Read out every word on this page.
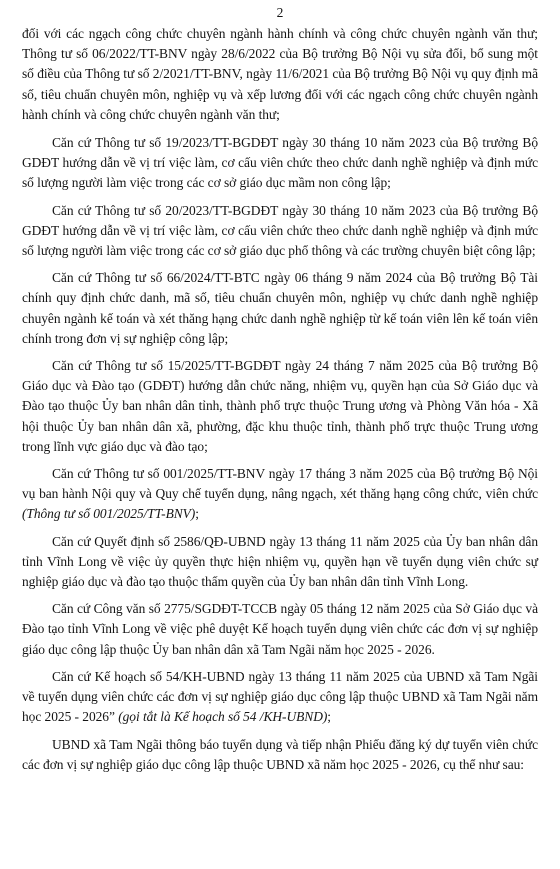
2

đối với các ngạch công chức chuyên ngành hành chính và công chức chuyên ngành văn thư; Thông tư số 06/2022/TT-BNV ngày 28/6/2022 của Bộ trưởng Bộ Nội vụ sửa đổi, bổ sung một số điều của Thông tư số 2/2021/TT-BNV, ngày 11/6/2021 của Bộ trưởng Bộ Nội vụ quy định mã số, tiêu chuẩn chuyên môn, nghiệp vụ và xếp lương đối với các ngạch công chức chuyên ngành hành chính và công chức chuyên ngành văn thư;

Căn cứ Thông tư số 19/2023/TT-BGDĐT ngày 30 tháng 10 năm 2023 của Bộ trưởng Bộ GDĐT hướng dẫn về vị trí việc làm, cơ cấu viên chức theo chức danh nghề nghiệp và định mức số lượng người làm việc trong các cơ sở giáo dục mầm non công lập;

Căn cứ Thông tư số 20/2023/TT-BGDĐT ngày 30 tháng 10 năm 2023 của Bộ trưởng Bộ GDĐT hướng dẫn về vị trí việc làm, cơ cấu viên chức theo chức danh nghề nghiệp và định mức số lượng người làm việc trong các cơ sở giáo dục phổ thông và các trường chuyên biệt công lập;

Căn cứ Thông tư số 66/2024/TT-BTC ngày 06 tháng 9 năm 2024 của Bộ trưởng Bộ Tài chính quy định chức danh, mã số, tiêu chuẩn chuyên môn, nghiệp vụ chức danh nghề nghiệp chuyên ngành kế toán và xét thăng hạng chức danh nghề nghiệp từ kế toán viên lên kế toán viên chính trong đơn vị sự nghiệp công lập;

Căn cứ Thông tư số 15/2025/TT-BGDĐT ngày 24 tháng 7 năm 2025 của Bộ trưởng Bộ Giáo dục và Đào tạo (GDĐT) hướng dẫn chức năng, nhiệm vụ, quyền hạn của Sở Giáo dục và Đào tạo thuộc Ủy ban nhân dân tỉnh, thành phố trực thuộc Trung ương và Phòng Văn hóa - Xã hội thuộc Ủy ban nhân dân xã, phường, đặc khu thuộc tỉnh, thành phố trực thuộc Trung ương trong lĩnh vực giáo dục và đào tạo;

Căn cứ Thông tư số 001/2025/TT-BNV ngày 17 tháng 3 năm 2025 của Bộ trưởng Bộ Nội vụ ban hành Nội quy và Quy chế tuyển dụng, nâng ngạch, xét thăng hạng công chức, viên chức (Thông tư số 001/2025/TT-BNV);

Căn cứ Quyết định số 2586/QĐ-UBND ngày 13 tháng 11 năm 2025 của Ủy ban nhân dân tỉnh Vĩnh Long về việc ủy quyền thực hiện nhiệm vụ, quyền hạn về tuyển dụng viên chức sự nghiệp giáo dục và đào tạo thuộc thẩm quyền của Ủy ban nhân dân tỉnh Vĩnh Long.

Căn cứ Công văn số 2775/SGDĐT-TCCB ngày 05 tháng 12 năm 2025 của Sở Giáo dục và Đào tạo tỉnh Vĩnh Long về việc phê duyệt Kế hoạch tuyển dụng viên chức các đơn vị sự nghiệp giáo dục công lập thuộc Ủy ban nhân dân xã Tam Ngãi năm học 2025 - 2026.

Căn cứ Kế hoạch số 54/KH-UBND ngày 13 tháng 11 năm 2025 của UBND xã Tam Ngãi về tuyển dụng viên chức các đơn vị sự nghiệp giáo dục công lập thuộc UBND xã Tam Ngãi năm học 2025 - 2026” (gọi tắt là Kế hoạch số 54 /KH-UBND);

UBND xã Tam Ngãi thông báo tuyển dụng và tiếp nhận Phiếu đăng ký dự tuyển viên chức các đơn vị sự nghiệp giáo dục công lập thuộc UBND xã năm học 2025 - 2026, cụ thể như sau:
